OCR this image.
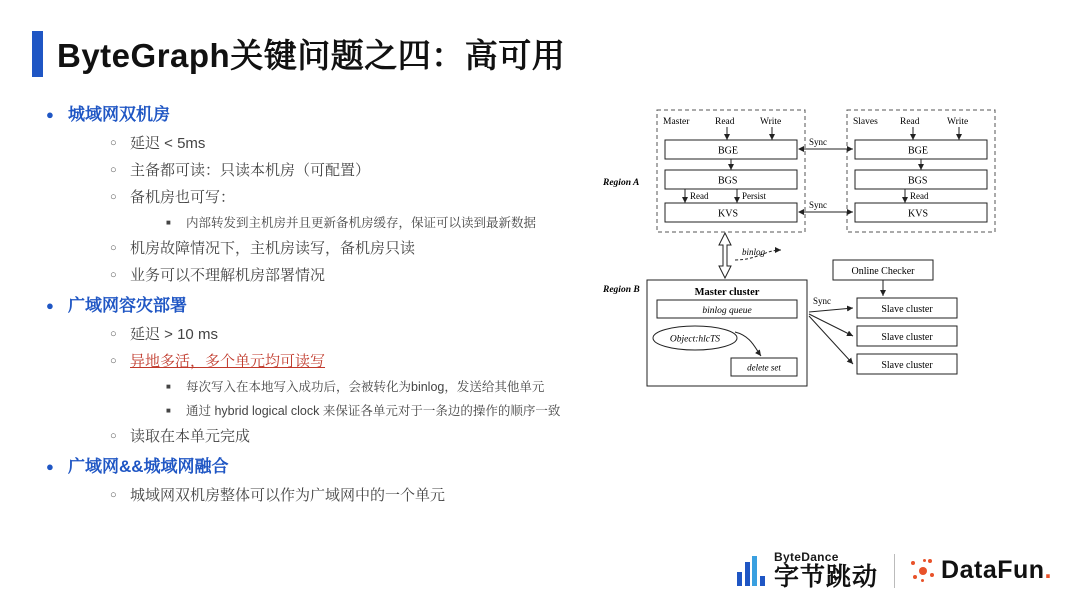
ByteGraph关键问题之四：高可用
● 城域网双机房
○ 延迟 < 5ms
○ 主备都可读：只读本机房（可配置）
○ 备机房也可写：
■	内部转发到主机房并且更新备机房缓存，保证可以读到最新数据
○ 机房故障情况下，主机房读写，备机房只读
○ 业务可以不理解机房部署情况
● 广域网容灾部署
○ 延迟 > 10 ms
○ 异地多活，多个单元均可读写
■	每次写入在本地写入成功后，会被转化为binlog，发送给其他单元
■	通过 hybrid logical clock 来保证各单元对于一条边的操作的顺序一致
○ 读取在本单元完成
● 广域网&&城域网融合
○ 城域网双机房整体可以作为广域网中的一个单元
Region A
Region B
Master	Read	Write
BGE
BGS
Read	Persist
KVS
Slaves Read	Write
BGE
BGS
Read
KVS
Sync
Sync
binlog
Master cluster
binlog queue
Object:hlcTS
delete set
Online Checker
Slave cluster
Slave cluster
Slave cluster
Sync
ByteDance
字节跳动	DataFun.
